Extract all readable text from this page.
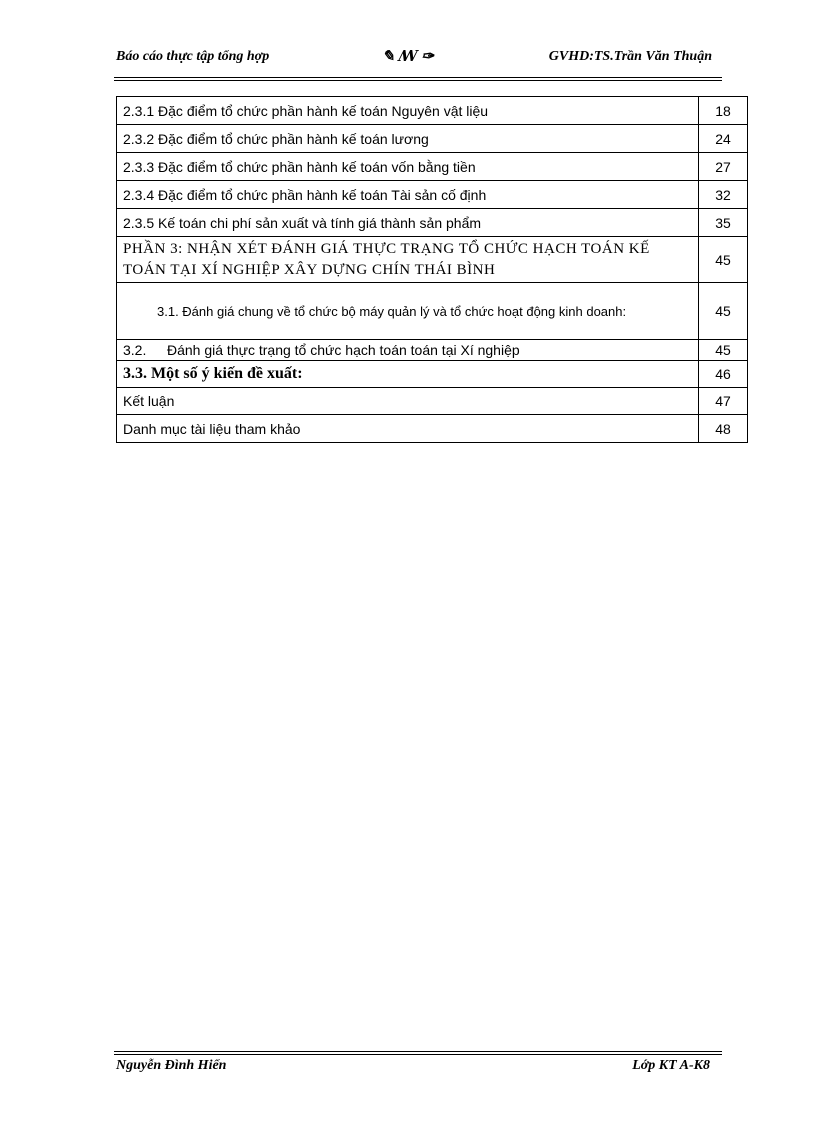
Báo cáo thực tập tổng hợp	✎ ꟿ ✑	GVHD:TS.Trần Văn Thuận
2.3.1 Đặc điểm tổ chức phần hành kế toán Nguyên vật liệu	18
2.3.2 Đặc điểm tổ chức phần hành kế toán lương	24
2.3.3 Đặc điểm tổ chức phần hành kế toán vốn bằng tiền	27
2.3.4 Đặc điểm tổ chức phần hành kế toán Tài sản cố định	32
2.3.5 Kế toán chi phí sản xuất và tính giá thành sản phẩm	35
PHẦN 3: NHẬN XÉT ĐÁNH GIÁ THỰC TRẠNG TỔ CHỨC HẠCH TOÁN KẾ TOÁN TẠI XÍ NGHIỆP XÂY DỰNG CHÍN THÁI BÌNH	45
3.1. Đánh giá chung về tổ chức bộ máy quản lý và tổ chức hoạt động kinh doanh:	45
3.2. Đánh giá thực trạng tổ chức hạch toán toán tại Xí nghiệp	45
3.3. Một số ý kiến đề xuất:	46
Kết luận	47
Danh mục tài liệu tham khảo	48
Nguyễn Đình Hiển	Lớp KT A-K8
